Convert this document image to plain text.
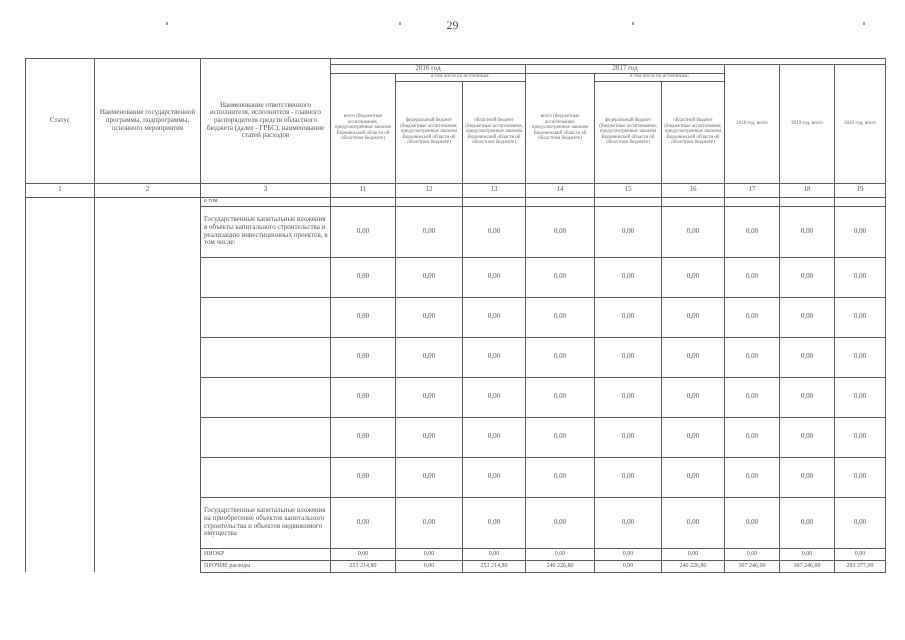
29
Статус	Наименование государственной программы, подпрограммы, основного мероприятия	Наименование ответственного исполнителя, исполнителя - главного распорядителя средств областного бюджета (далее - ГРБС), наименование статей расходов									
			2016 год			2017 год			2018 год, всего	2019 год, всего	2020 год, всего
			всего (бюджетные ассигнования, предусмотренные законом Воронежской области об областном бюджете)	в том числе по источникам:		всего (бюджетные ассигнования, предусмотренные законом Воронежской области об областном бюджете)	в том числе по источникам:				
				федеральный бюджет (бюджетные ассигнования, предусмотренные законом Воронежской области об областном бюджете)	областной бюджет (бюджетные ассигнования, предусмотренные законом Воронежской области об областном бюджете)		федеральный бюджет (бюджетные ассигнования, предусмотренные законом Воронежской области об областном бюджете)	областной бюджет (бюджетные ассигнования, предусмотренные законом Воронежской области об областном бюджете)			
1	2	3	11	12	13	14	15	16	17	18	19
		в том									
		Государственные капитальные вложения в объекты капитального строительства и реализацию инвестиционных проектов, в том числе:	0,00	0,00	0,00	0,00	0,00	0,00	0,00	0,00	0,00
			0,00	0,00	0,00	0,00	0,00	0,00	0,00	0,00	0,00
			0,00	0,00	0,00	0,00	0,00	0,00	0,00	0,00	0,00
			0,00	0,00	0,00	0,00	0,00	0,00	0,00	0,00	0,00
			0,00	0,00	0,00	0,00	0,00	0,00	0,00	0,00	0,00
			0,00	0,00	0,00	0,00	0,00	0,00	0,00	0,00	0,00
			0,00	0,00	0,00	0,00	0,00	0,00	0,00	0,00	0,00
		Государственные капитальные вложения на приобретение объектов капитального строительства и объектов недвижимого имущества	0,00	0,00	0,00	0,00	0,00	0,00	0,00	0,00	0,00
		НИОКР	0,00	0,00	0,00	0,00	0,00	0,00	0,00	0,00	0,00
		ПРОЧИЕ расходы	253 214,80	0,00	253 214,80	240 226,80	0,00	240 226,80	307 246,00	307 246,00	293 377,09
